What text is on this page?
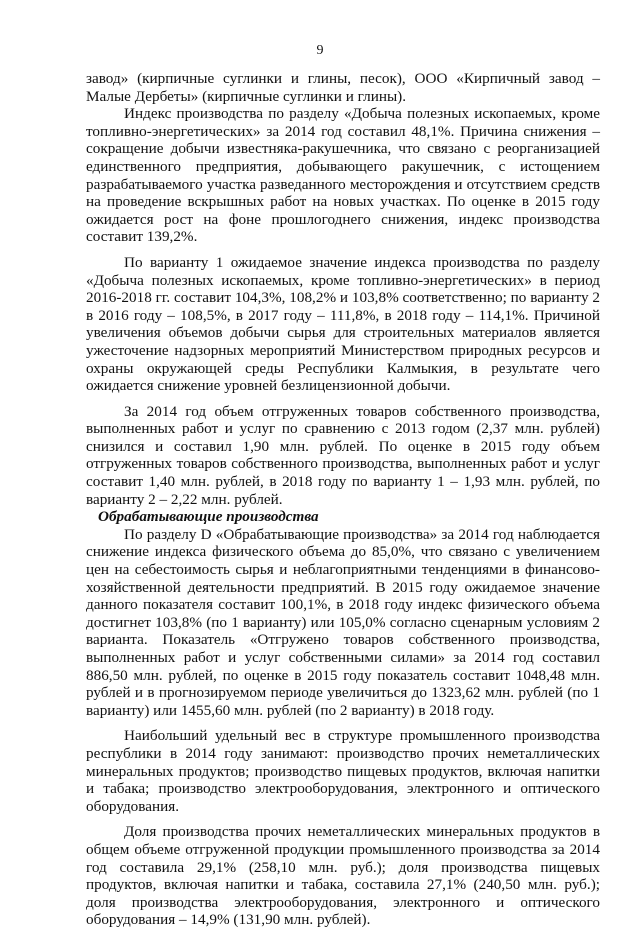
9

завод» (кирпичные суглинки и глины, песок), ООО «Кирпичный завод – Малые Дербеты» (кирпичные суглинки и глины).

Индекс производства по разделу «Добыча полезных ископаемых, кроме топливно-энергетических» за 2014 год составил 48,1%. Причина снижения – сокращение добычи известняка-ракушечника, что связано с реорганизацией единственного предприятия, добывающего ракушечник, с истощением разрабатываемого участка разведанного месторождения и отсутствием средств на проведение вскрышных работ на новых участках. По оценке в 2015 году ожидается рост на фоне прошлогоднего снижения, индекс производства составит 139,2%.

По варианту 1 ожидаемое значение индекса производства по разделу «Добыча полезных ископаемых, кроме топливно-энергетических» в период 2016-2018 гг. составит 104,3%, 108,2% и 103,8% соответственно; по варианту 2 в 2016 году – 108,5%, в 2017 году – 111,8%, в 2018 году – 114,1%. Причиной увеличения объемов добычи сырья для строительных материалов является ужесточение надзорных мероприятий Министерством природных ресурсов и охраны окружающей среды Республики Калмыкия, в результате чего ожидается снижение уровней безлицензионной добычи.

За 2014 год объем отгруженных товаров собственного производства, выполненных работ и услуг по сравнению с 2013 годом (2,37 млн. рублей) снизился и составил 1,90 млн. рублей. По оценке в 2015 году объем отгруженных товаров собственного производства, выполненных работ и услуг составит 1,40 млн. рублей, в 2018 году по варианту 1 – 1,93 млн. рублей, по варианту 2 – 2,22 млн. рублей.

Обрабатывающие производства

По разделу D «Обрабатывающие производства» за 2014 год наблюдается снижение индекса физического объема до 85,0%, что связано с увеличением цен на себестоимость сырья и неблагоприятными тенденциями в финансово-хозяйственной деятельности предприятий. В 2015 году ожидаемое значение данного показателя составит 100,1%, в 2018 году индекс физического объема достигнет 103,8% (по 1 варианту) или 105,0% согласно сценарным условиям 2 варианта. Показатель «Отгружено товаров собственного производства, выполненных работ и услуг собственными силами» за 2014 год составил 886,50 млн. рублей, по оценке в 2015 году показатель составит 1048,48 млн. рублей и в прогнозируемом периоде увеличиться до 1323,62 млн. рублей (по 1 варианту) или 1455,60 млн. рублей (по 2 варианту) в 2018 году.

Наибольший удельный вес в структуре промышленного производства республики в 2014 году занимают: производство прочих неметаллических минеральных продуктов; производство пищевых продуктов, включая напитки и табака; производство электрооборудования, электронного и оптического оборудования.

Доля производства прочих неметаллических минеральных продуктов в общем объеме отгруженной продукции промышленного производства за 2014 год составила 29,1% (258,10 млн. руб.); доля производства пищевых продуктов, включая напитки и табака, составила 27,1% (240,50 млн. руб.); доля производства электрооборудования, электронного и оптического оборудования – 14,9% (131,90 млн. рублей).
